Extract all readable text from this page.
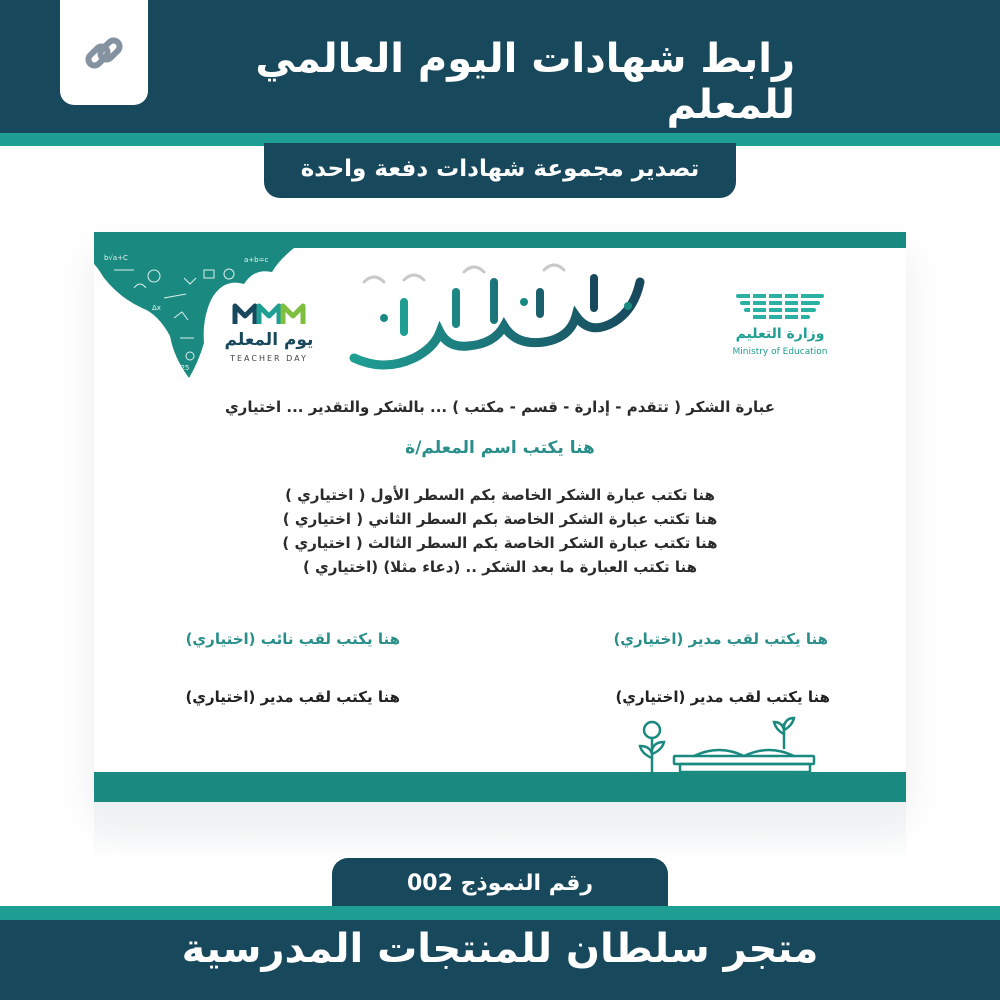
رابط شهادات اليوم العالمي للمعلم
تصدير مجموعة شهادات دفعة واحدة
b√a+C	a+b=c
Δx
√25
يوم المعلم
TEACHER DAY
وزارة التعليم
Ministry of Education
عبارة الشكر ( تتقدم - إدارة - قسم - مكتب ) ... بالشكر والتقدير ... اختياري
هنا يكتب اسم المعلم/ة
هنا تكتب عبارة الشكر الخاصة بكم السطر الأول ( اختياري )
هنا تكتب عبارة الشكر الخاصة بكم السطر الثاني ( اختياري )
هنا تكتب عبارة الشكر الخاصة بكم السطر الثالث ( اختياري )
هنا تكتب العبارة ما بعد الشكر .. (دعاء مثلا) (اختياري )
هنا يكتب لقب مدير (اختياري)
هنا يكتب لقب مدير (اختياري)
هنا يكتب لقب نائب (اختياري)
هنا يكتب لقب مدير (اختياري)
رقم النموذج 002
متجر سلطان للمنتجات المدرسية
